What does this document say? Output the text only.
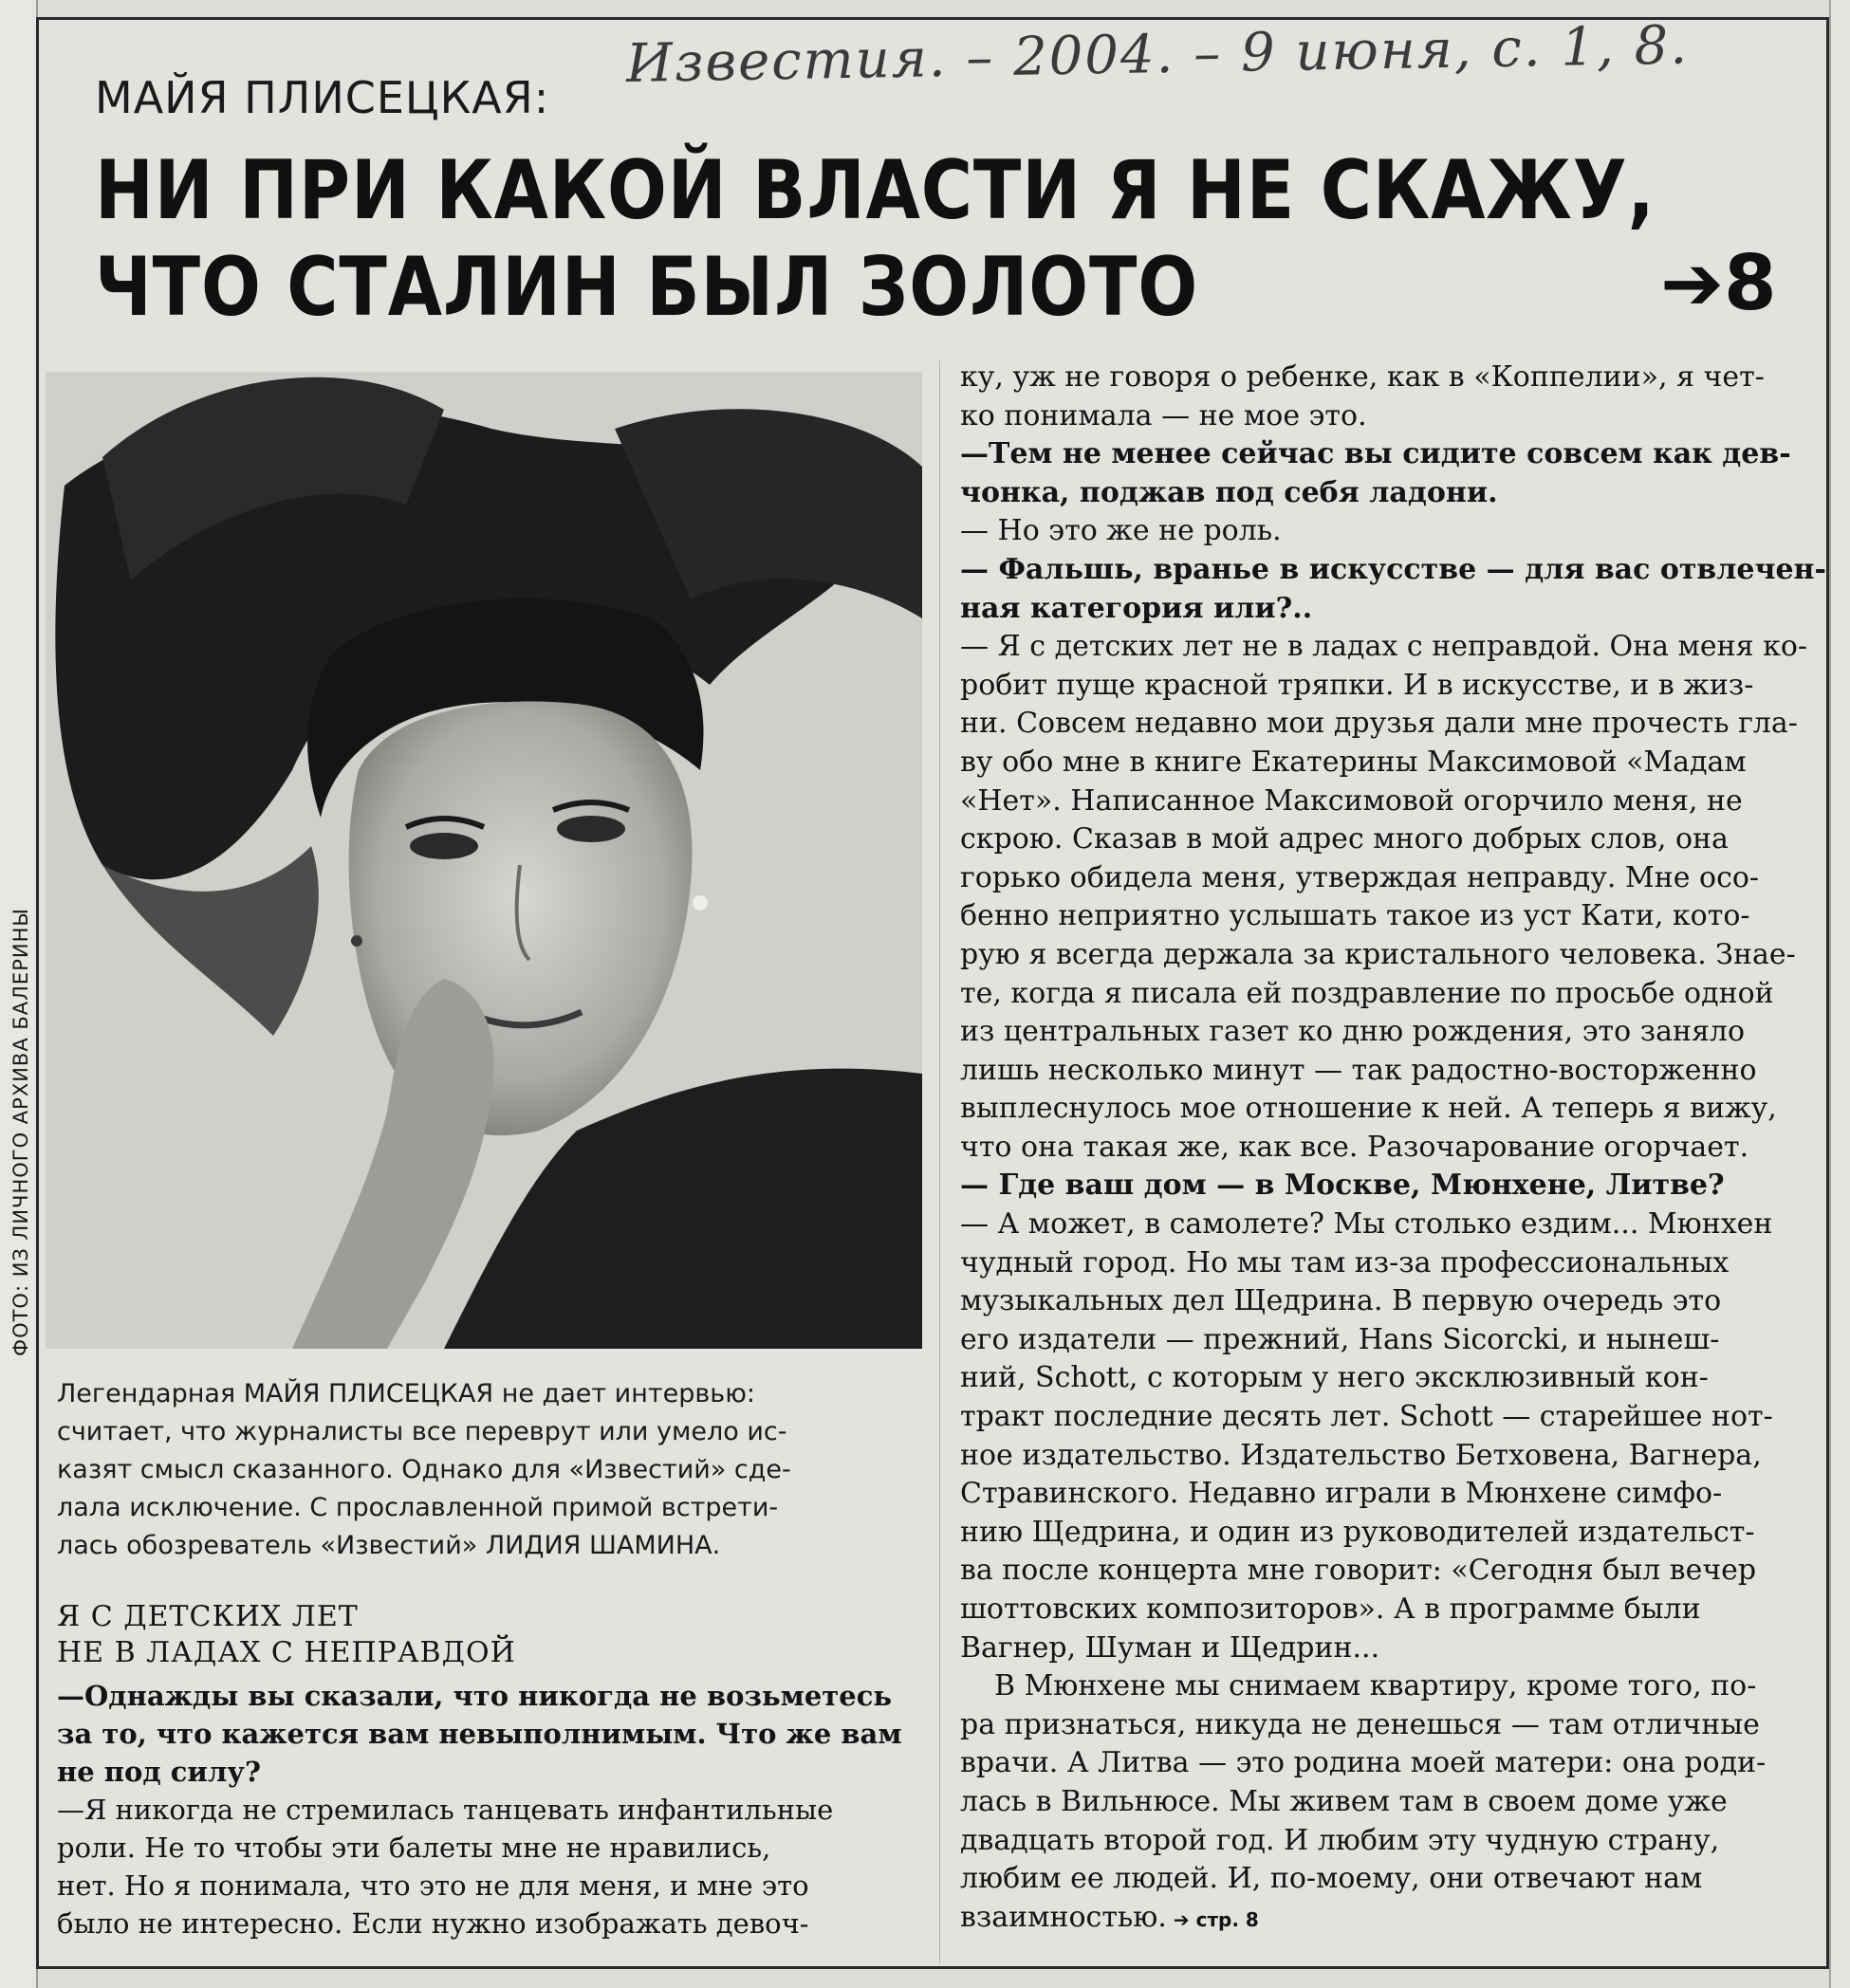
Известия. – 2004. – 9 июня, с. 1, 8.
МАЙЯ ПЛИСЕЦКАЯ:
НИ ПРИ КАКОЙ ВЛАСТИ Я НЕ СКАЖУ,
ЧТО СТАЛИН БЫЛ ЗОЛОТО	➔8
ФОТО: ИЗ ЛИЧНОГО АРХИВА БАЛЕРИНЫ
Легендарная МАЙЯ ПЛИСЕЦКАЯ не дает интервью:
считает, что журналисты все переврут или умело ис-
казят смысл сказанного. Однако для «Известий» сде-
лала исключение. С прославленной примой встрети-
лась обозреватель «Известий» ЛИДИЯ ШАМИНА.
Я С ДЕТСКИХ ЛЕТ
НЕ В ЛАДАХ С НЕПРАВДОЙ
—Однажды вы сказали, что никогда не возьметесь
за то, что кажется вам невыполнимым. Что же вам
не под силу?
—Я никогда не стремилась танцевать инфантильные
роли. Не то чтобы эти балеты мне не нравились,
нет. Но я понимала, что это не для меня, и мне это
было не интересно. Если нужно изображать девоч-
ку, уж не говоря о ребенке, как в «Коппелии», я чет-
ко понимала — не мое это.
—Тем не менее сейчас вы сидите совсем как дев-
чонка, поджав под себя ладони.
— Но это же не роль.
— Фальшь, вранье в искусстве — для вас отвлечен-
ная категория или?..
— Я с детских лет не в ладах с неправдой. Она меня ко-
робит пуще красной тряпки. И в искусстве, и в жиз-
ни. Совсем недавно мои друзья дали мне прочесть гла-
ву обо мне в книге Екатерины Максимовой «Мадам
«Нет». Написанное Максимовой огорчило меня, не
скрою. Сказав в мой адрес много добрых слов, она
горько обидела меня, утверждая неправду. Мне осо-
бенно неприятно услышать такое из уст Кати, кото-
рую я всегда держала за кристального человека. Знае-
те, когда я писала ей поздравление по просьбе одной
из центральных газет ко дню рождения, это заняло
лишь несколько минут — так радостно-восторженно
выплеснулось мое отношение к ней. А теперь я вижу,
что она такая же, как все. Разочарование огорчает.
— Где ваш дом — в Москве, Мюнхене, Литве?
— А может, в самолете? Мы столько ездим... Мюнхен
чудный город. Но мы там из-за профессиональных
музыкальных дел Щедрина. В первую очередь это
его издатели — прежний, Hans Sicorcki, и нынеш-
ний, Schott, с которым у него эксклюзивный кон-
тракт последние десять лет. Schott — старейшее нот-
ное издательство. Издательство Бетховена, Вагнера,
Стравинского. Недавно играли в Мюнхене симфо-
нию Щедрина, и один из руководителей издательст-
ва после концерта мне говорит: «Сегодня был вечер
шоттовских композиторов». А в программе были
Вагнер, Шуман и Щедрин...
В Мюнхене мы снимаем квартиру, кроме того, по-
ра признаться, никуда не денешься — там отличные
врачи. А Литва — это родина моей матери: она роди-
лась в Вильнюсе. Мы живем там в своем доме уже
двадцать второй год. И любим эту чудную страну,
любим ее людей. И, по-моему, они отвечают нам
взаимностью. ➔ стр. 8
